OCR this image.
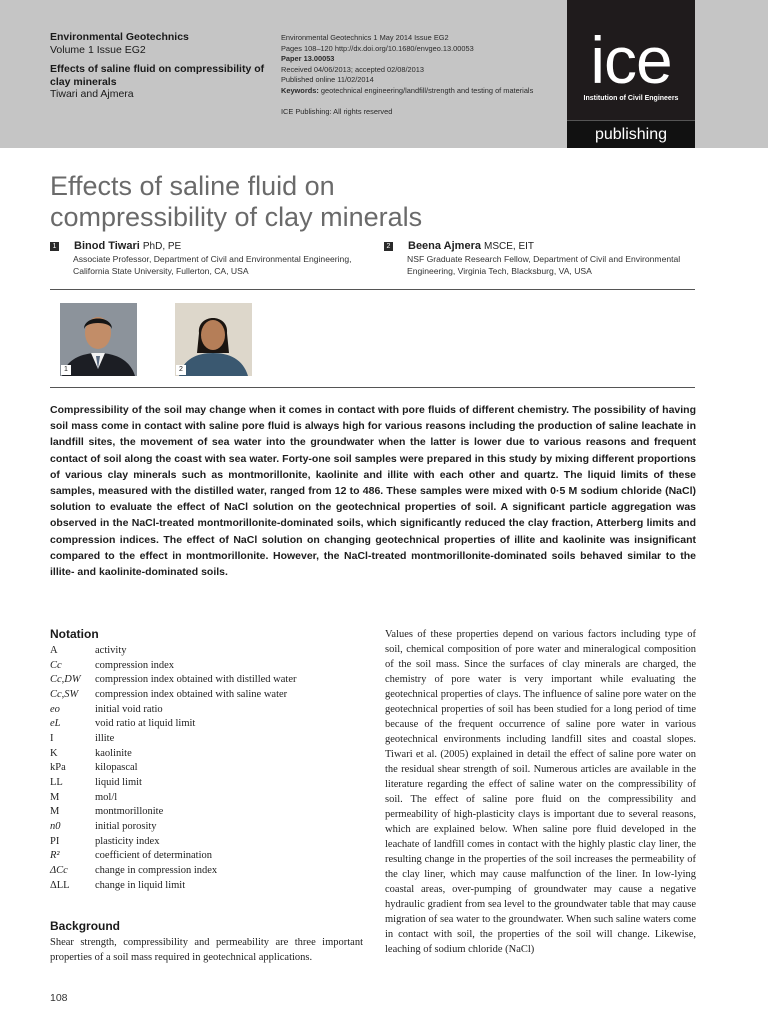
Environmental Geotechnics
Volume 1 Issue EG2
Effects of saline fluid on compressibility of clay minerals
Tiwari and Ajmera
Environmental Geotechnics 1 May 2014 Issue EG2
Pages 108–120 http://dx.doi.org/10.1680/envgeo.13.00053
Paper 13.00053
Received 04/06/2013; accepted 02/08/2013
Published online 11/02/2014
Keywords: geotechnical engineering/landfill/strength and testing of materials
ICE Publishing: All rights reserved
ice
Institution of Civil Engineers
publishing
Effects of saline fluid on
compressibility of clay minerals
1 Binod Tiwari PhD, PE
Associate Professor, Department of Civil and Environmental Engineering, California State University, Fullerton, CA, USA
2 Beena Ajmera MSCE, EIT
NSF Graduate Research Fellow, Department of Civil and Environmental Engineering, Virginia Tech, Blacksburg, VA, USA
1	2
Compressibility of the soil may change when it comes in contact with pore fluids of different chemistry. The possibility of having soil mass come in contact with saline pore fluid is always high for various reasons including the production of saline leachate in landfill sites, the movement of sea water into the groundwater when the latter is lower due to various reasons and frequent contact of soil along the coast with sea water. Forty-one soil samples were prepared in this study by mixing different proportions of various clay minerals such as montmorillonite, kaolinite and illite with each other and quartz. The liquid limits of these samples, measured with the distilled water, ranged from 12 to 486. These samples were mixed with 0·5 M sodium chloride (NaCl) solution to evaluate the effect of NaCl solution on the geotechnical properties of soil. A significant particle aggregation was observed in the NaCl-treated montmorillonite-dominated soils, which significantly reduced the clay fraction, Atterberg limits and compression indices. The effect of NaCl solution on changing geotechnical properties of illite and kaolinite was insignificant compared to the effect in montmorillonite. However, the NaCl-treated montmorillonite-dominated soils behaved similar to the illite- and kaolinite-dominated soils.
Notation
A	activity
Cc	compression index
Cc,DW	compression index obtained with distilled water
Cc,SW	compression index obtained with saline water
eo	initial void ratio
eL	void ratio at liquid limit
I	illite
K	kaolinite
kPa	kilopascal
LL	liquid limit
M	mol/l
M	montmorillonite
n0	initial porosity
PI	plasticity index
R²	coefficient of determination
ΔCc	change in compression index
ΔLL	change in liquid limit
Background
Shear strength, compressibility and permeability are three important properties of a soil mass required in geotechnical applications.
Values of these properties depend on various factors including type of soil, chemical composition of pore water and mineralogical composition of the soil mass. Since the surfaces of clay minerals are charged, the chemistry of pore water is very important while evaluating the geotechnical properties of clays. The influence of saline pore water on the geotechnical properties of soil has been studied for a long period of time because of the frequent occurrence of saline pore water in various geotechnical environments including landfill sites and coastal slopes. Tiwari et al. (2005) explained in detail the effect of saline pore water on the residual shear strength of soil. Numerous articles are available in the literature regarding the effect of saline water on the compressibility of soil. The effect of saline pore fluid on the compressibility and permeability of high-plasticity clays is important due to several reasons, which are explained below. When saline pore fluid developed in the leachate of landfill comes in contact with the highly plastic clay liner, the resulting change in the properties of the soil increases the permeability of the clay liner, which may cause malfunction of the liner. In low-lying coastal areas, over-pumping of groundwater may cause a negative hydraulic gradient from sea level to the groundwater table that may cause migration of sea water to the groundwater. When such saline waters come in contact with soil, the properties of the soil will change. Likewise, leaching of sodium chloride (NaCl)
108
